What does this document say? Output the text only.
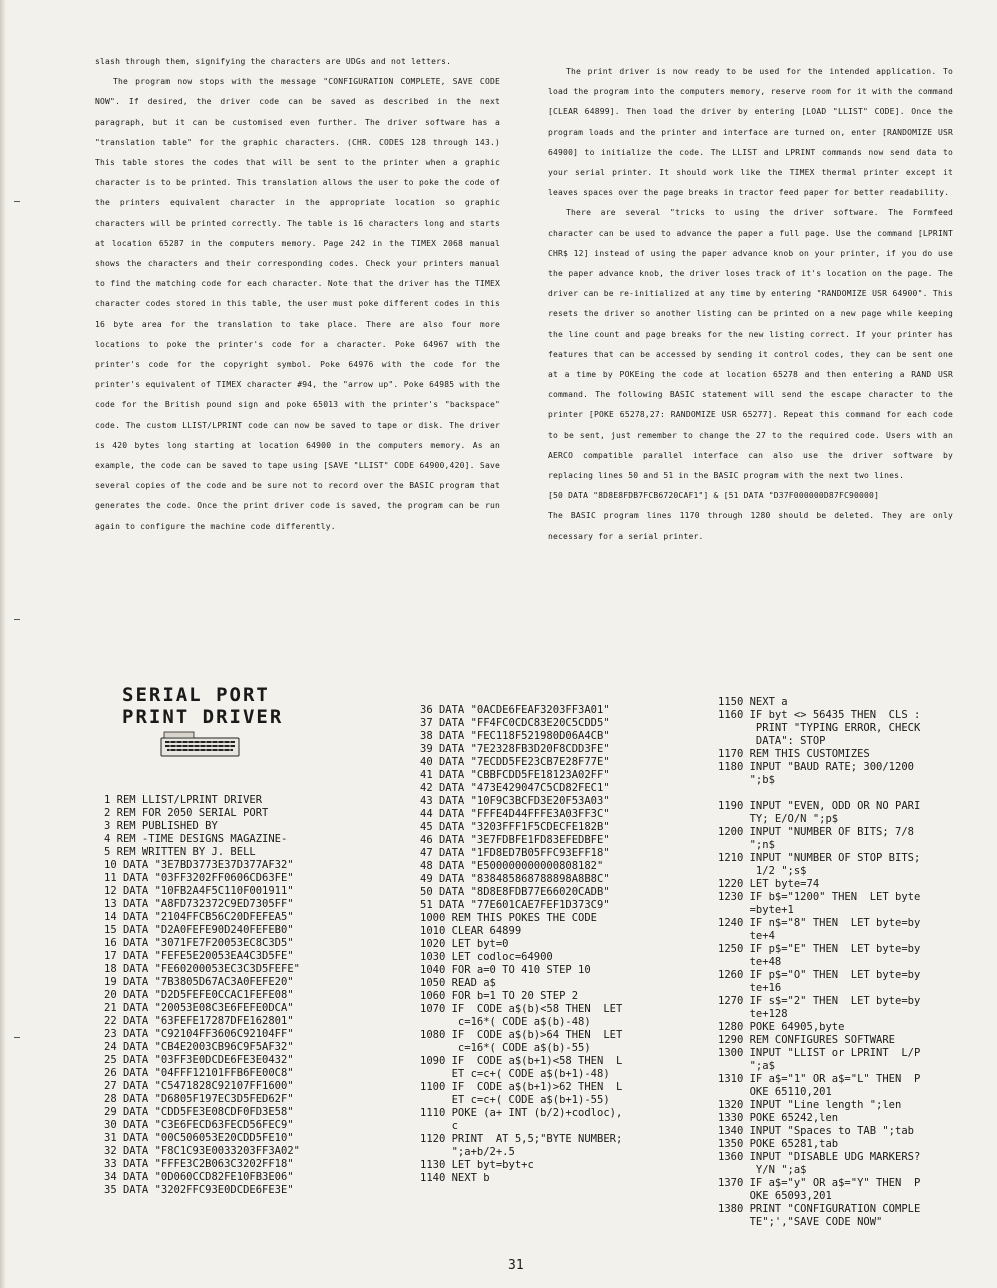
slash through them, signifying the characters are UDGs and not letters.

The program now stops with the message "CONFIGURATION COMPLETE, SAVE CODE NOW". If desired, the driver code can be saved as described in the next paragraph, but it can be customised even further. The driver software has a "translation table" for the graphic characters. (CHR. CODES 128 through 143.) This table stores the codes that will be sent to the printer when a graphic character is to be printed. This translation allows the user to poke the code of the printers equivalent character in the appropriate location so graphic characters will be printed correctly. The table is 16 characters long and starts at location 65287 in the computers memory. Page 242 in the TIMEX 2068 manual shows the characters and their corresponding codes. Check your printers manual to find the matching code for each character. Note that the driver has the TIMEX character codes stored in this table, the user must poke different codes in this 16 byte area for the translation to take place. There are also four more locations to poke the printer's code for a character. Poke 64967 with the printer's code for the copyright symbol. Poke 64976 with the code for the printer's equivalent of TIMEX character #94, the "arrow up". Poke 64985 with the code for the British pound sign and poke 65013 with the printer's "backspace" code. The custom LLIST/LPRINT code can now be saved to tape or disk. The driver is 420 bytes long starting at location 64900 in the computers memory. As an example, the code can be saved to tape using [SAVE "LLIST" CODE 64900,420]. Save several copies of the code and be sure not to record over the BASIC program that generates the code. Once the print driver code is saved, the program can be run again to configure the machine code differently.

The print driver is now ready to be used for the intended application. To load the program into the computers memory, reserve room for it with the command [CLEAR 64899]. Then load the driver by entering [LOAD "LLIST" CODE]. Once the program loads and the printer and interface are turned on, enter [RANDOMIZE USR 64900] to initialize the code. The LLIST and LPRINT commands now send data to your serial printer. It should work like the TIMEX thermal printer except it leaves spaces over the page breaks in tractor feed paper for better readability.

There are several "tricks to using the driver software. The Formfeed character can be used to advance the paper a full page. Use the command [LPRINT CHR$ 12] instead of using the paper advance knob on your printer, if you do use the paper advance knob, the driver loses track of it's location on the page. The driver can be re-initialized at any time by entering "RANDOMIZE USR 64900". This resets the driver so another listing can be printed on a new page while keeping the line count and page breaks for the new listing correct. If your printer has features that can be accessed by sending it control codes, they can be sent one at a time by POKEing the code at location 65278 and then entering a RAND USR command. The following BASIC statement will send the escape character to the printer [POKE 65278,27: RANDOMIZE USR 65277]. Repeat this command for each code to be sent, just remember to change the 27 to the required code. Users with an AERCO compatible parallel interface can also use the driver software by replacing lines 50 and 51 in the BASIC program with the next two lines.

[50 DATA "8D8E8FDB7FCB6720CAF1"] & [51 DATA "D37F000000D87FC90000]

The BASIC program lines 1170 through 1280 should be deleted. They are only necessary for a serial printer.

SERIAL PORT
PRINT DRIVER
1 REM LLIST/LPRINT DRIVER
2 REM FOR 2050 SERIAL PORT
3 REM PUBLISHED BY
4 REM -TIME DESIGNS MAGAZINE-
5 REM WRITTEN BY J. BELL
10 DATA "3E7BD3773E37D377AF32"
11 DATA "03FF3202FF0606CD63FE"
12 DATA "10FB2A4F5C110F001911"
13 DATA "A8FD732372C9ED7305FF"
14 DATA "2104FFCB56C20DFEFEA5"
15 DATA "D2A0FEFE90D240FEFEB0"
16 DATA "3071FE7F20053EC8C3D5"
17 DATA "FEFE5E20053EA4C3D5FE"
18 DATA "FE60200053EC3C3D5FEFE"
19 DATA "7B3805D67AC3A0FEFE20"
20 DATA "D2D5FEFE0CCAC1FEFE08"
21 DATA "20053E08C3E6FEFE0DCA"
22 DATA "63FEFE17287DFE162801"
23 DATA "C92104FF3606C92104FF"
24 DATA "CB4E2003CB96C9F5AF32"
25 DATA "03FF3E0DCDE6FE3E0432"
26 DATA "04FFF12101FFB6FE00C8"
27 DATA "C5471828C92107FF1600"
28 DATA "D6805F197EC3D5FED62F"
29 DATA "CDD5FE3E08CDF0FD3E58"
30 DATA "C3E6FECD63FECD56FEC9"
31 DATA "00C506053E20CDD5FE10"
32 DATA "F8C1C93E0033203FF3A02"
33 DATA "FFFE3C2B063C3202FF18"
34 DATA "0D060CCD82FE10FB3E06"
35 DATA "3202FFC93E0DCDE6FE3E"
36 DATA "0ACDE6FEAF3203FF3A01"
37 DATA "FF4FC0CDC83E20C5CDD5"
38 DATA "FEC118F521980D06A4CB"
39 DATA "7E2328FB3D20F8CDD3FE"
40 DATA "7ECDD5FE23CB7E28F77E"
41 DATA "CBBFCDD5FE18123A02FF"
42 DATA "473E429047C5CD82FEC1"
43 DATA "10F9C3BCFD3E20F53A03"
44 DATA "FFFE4D44FFFE3A03FF3C"
45 DATA "3203FFF1F5CDECFE182B"
46 DATA "3E7FDBFE1FD83EFEDBFE"
47 DATA "1FD8ED7B05FFC93EFF18"
48 DATA "E500000000000808182"
49 DATA "838485868788898A8B8C"
50 DATA "8D8E8FDB77E66020CADB"
51 DATA "77E601CAE7FEF1D373C9"
1000 REM THIS POKES THE CODE
1010 CLEAR 64899
1020 LET byt=0
1030 LET codloc=64900
1040 FOR a=0 TO 410 STEP 10
1050 READ a$
1060 FOR b=1 TO 20 STEP 2
1070 IF  CODE a$(b)<58 THEN  LET
c=16*( CODE a$(b)-48)
1080 IF  CODE a$(b)>64 THEN  LET
c=16*( CODE a$(b)-55)
1090 IF  CODE a$(b+1)<58 THEN  L
ET c=c+( CODE a$(b+1)-48)
1100 IF  CODE a$(b+1)>62 THEN  L
ET c=c+( CODE a$(b+1)-55)
1110 POKE (a+ INT (b/2)+codloc),
c
1120 PRINT  AT 5,5;"BYTE NUMBER;
";a+b/2+.5
1130 LET byt=byt+c
1140 NEXT b
1150 NEXT a
1160 IF byt <> 56435 THEN  CLS :
PRINT "TYPING ERROR, CHECK
DATA": STOP
1170 REM THIS CUSTOMIZES
1180 INPUT "BAUD RATE; 300/1200
";b$
1190 INPUT "EVEN, ODD OR NO PARI
TY; E/O/N ";p$
1200 INPUT "NUMBER OF BITS; 7/8
";n$
1210 INPUT "NUMBER OF STOP BITS;
1/2 ";s$
1220 LET byte=74
1230 IF b$="1200" THEN  LET byte
=byte+1
1240 IF n$="8" THEN  LET byte=by
te+4
1250 IF p$="E" THEN  LET byte=by
te+48
1260 IF p$="O" THEN  LET byte=by
te+16
1270 IF s$="2" THEN  LET byte=by
te+128
1280 POKE 64905,byte
1290 REM CONFIGURES SOFTWARE
1300 INPUT "LLIST or LPRINT  L/P
";a$
1310 IF a$="1" OR a$="L" THEN  P
OKE 65110,201
1320 INPUT "Line length ";len
1330 POKE 65242,len
1340 INPUT "Spaces to TAB ";tab
1350 POKE 65281,tab
1360 INPUT "DISABLE UDG MARKERS?
Y/N ";a$
1370 IF a$="y" OR a$="Y" THEN  P
OKE 65093,201
1380 PRINT "CONFIGURATION COMPLE
TE";',"SAVE CODE NOW"
31
